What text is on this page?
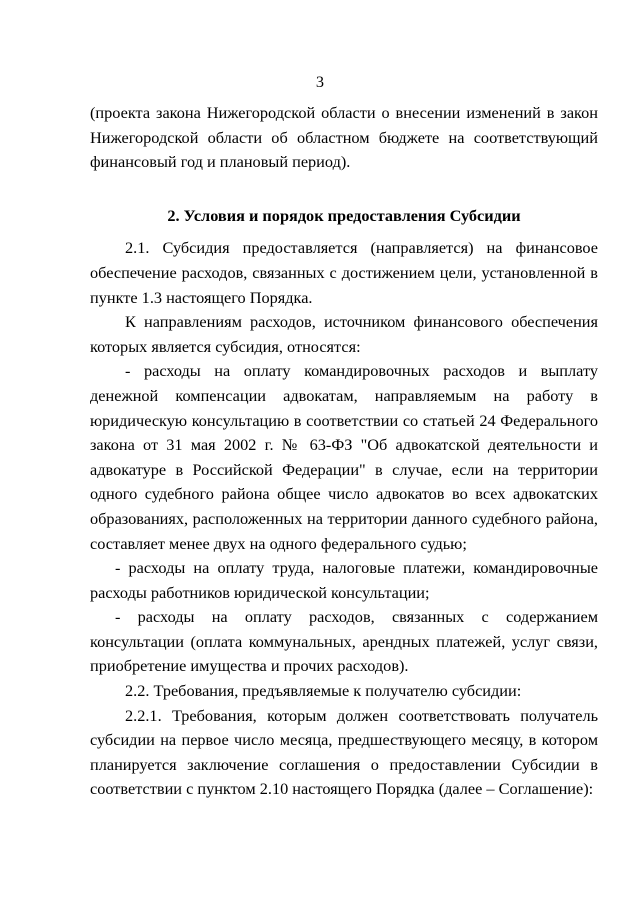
3

(проекта закона Нижегородской области о внесении изменений в закон Нижегородской области об областном бюджете на соответствующий финансовый год и плановый период).

2. Условия и порядок предоставления Субсидии

2.1. Субсидия предоставляется (направляется) на финансовое обеспечение расходов, связанных с достижением цели, установленной в пункте 1.3 настоящего Порядка.

К направлениям расходов, источником финансового обеспечения которых является субсидия, относятся:

- расходы на оплату командировочных расходов и выплату денежной компенсации адвокатам, направляемым на работу в юридическую консультацию в соответствии со статьей 24 Федерального закона от 31 мая 2002 г. № 63-ФЗ "Об адвокатской деятельности и адвокатуре в Российской Федерации" в случае, если на территории одного судебного района общее число адвокатов во всех адвокатских образованиях, расположенных на территории данного судебного района, составляет менее двух на одного федерального судью;

- расходы на оплату труда, налоговые платежи, командировочные расходы работников юридической консультации;

- расходы на оплату расходов, связанных с содержанием консультации (оплата коммунальных, арендных платежей, услуг связи, приобретение имущества и прочих расходов).

2.2. Требования, предъявляемые к получателю субсидии:

2.2.1. Требования, которым должен соответствовать получатель субсидии на первое число месяца, предшествующего месяцу, в котором планируется заключение соглашения о предоставлении Субсидии в соответствии с пунктом 2.10 настоящего Порядка (далее – Соглашение):
